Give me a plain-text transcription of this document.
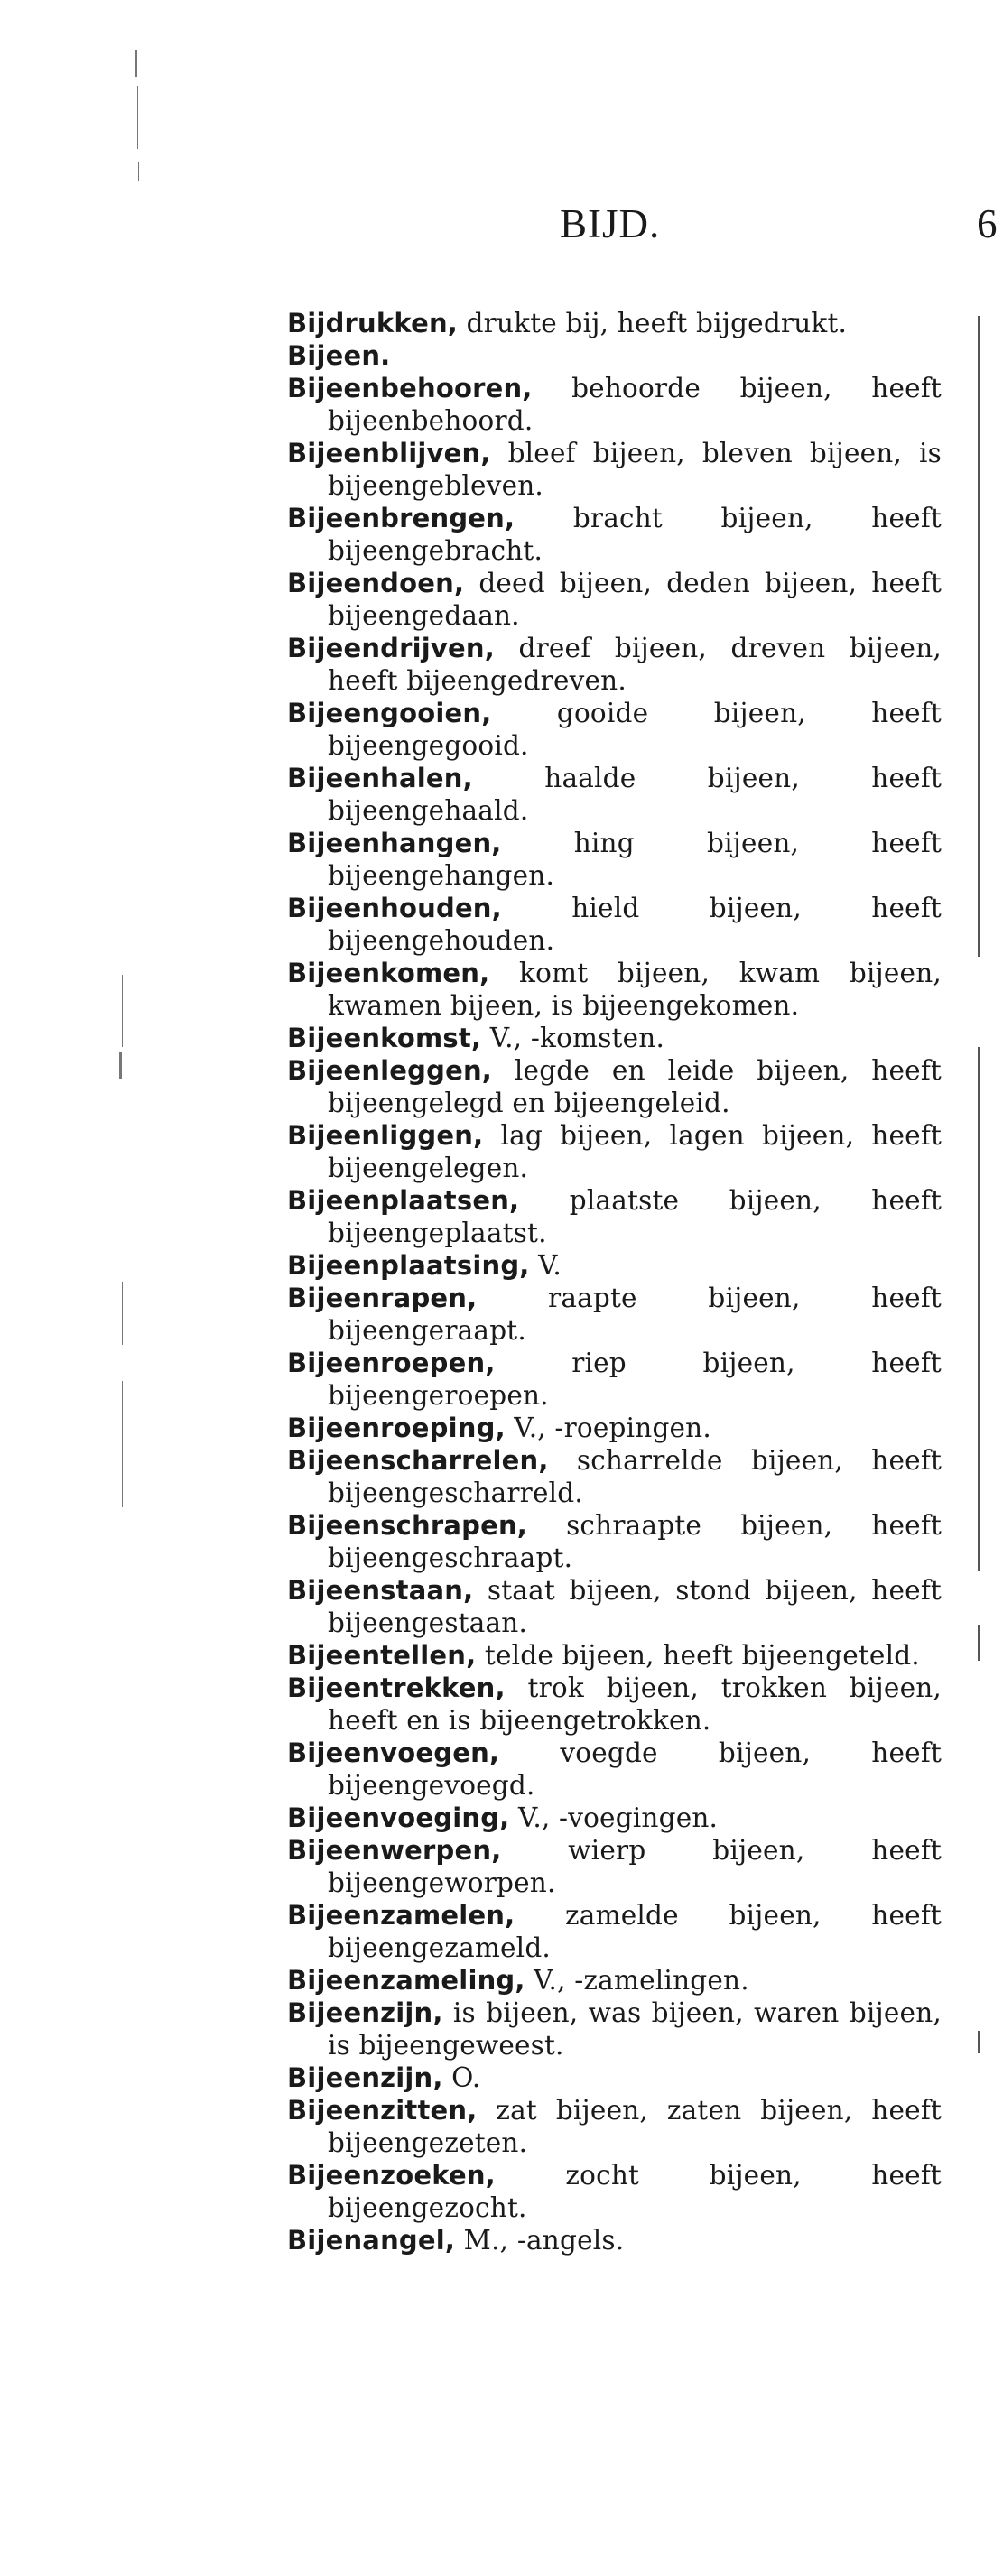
BIJD.	6

Bijdrukken, drukte bij, heeft bijgedrukt.

Bijeen.

Bijeenbehooren, behoorde bijeen, heeft bijeenbehoord.

Bijeenblijven, bleef bijeen, bleven bijeen, is bijeengebleven.

Bijeenbrengen, bracht bijeen, heeft bijeengebracht.

Bijeendoen, deed bijeen, deden bijeen, heeft bijeengedaan.

Bijeendrijven, dreef bijeen, dreven bijeen, heeft bijeengedreven.

Bijeengooien, gooide bijeen, heeft bijeengegooid.

Bijeenhalen, haalde bijeen, heeft bijeengehaald.

Bijeenhangen, hing bijeen, heeft bijeengehangen.

Bijeenhouden, hield bijeen, heeft bijeengehouden.

Bijeenkomen, komt bijeen, kwam bijeen, kwamen bijeen, is bijeengekomen.

Bijeenkomst, V., -komsten.

Bijeenleggen, legde en leide bijeen, heeft bijeengelegd en bijeengeleid.

Bijeenliggen, lag bijeen, lagen bijeen, heeft bijeengelegen.

Bijeenplaatsen, plaatste bijeen, heeft bijeengeplaatst.

Bijeenplaatsing, V.

Bijeenrapen, raapte bijeen, heeft bijeengeraapt.

Bijeenroepen, riep bijeen, heeft bijeengeroepen.

Bijeenroeping, V., -roepingen.

Bijeenscharrelen, scharrelde bijeen, heeft bijeengescharreld.

Bijeenschrapen, schraapte bijeen, heeft bijeengeschraapt.

Bijeenstaan, staat bijeen, stond bijeen, heeft bijeengestaan.

Bijeentellen, telde bijeen, heeft bijeengeteld.

Bijeentrekken, trok bijeen, trokken bijeen, heeft en is bijeengetrokken.

Bijeenvoegen, voegde bijeen, heeft bijeengevoegd.

Bijeenvoeging, V., -voegingen.

Bijeenwerpen, wierp bijeen, heeft bijeengeworpen.

Bijeenzamelen, zamelde bijeen, heeft bijeengezameld.

Bijeenzameling, V., -zamelingen.

Bijeenzijn, is bijeen, was bijeen, waren bijeen, is bijeengeweest.

Bijeenzijn, O.

Bijeenzitten, zat bijeen, zaten bijeen, heeft bijeengezeten.

Bijeenzoeken, zocht bijeen, heeft bijeengezocht.

Bijenangel, M., -angels.
